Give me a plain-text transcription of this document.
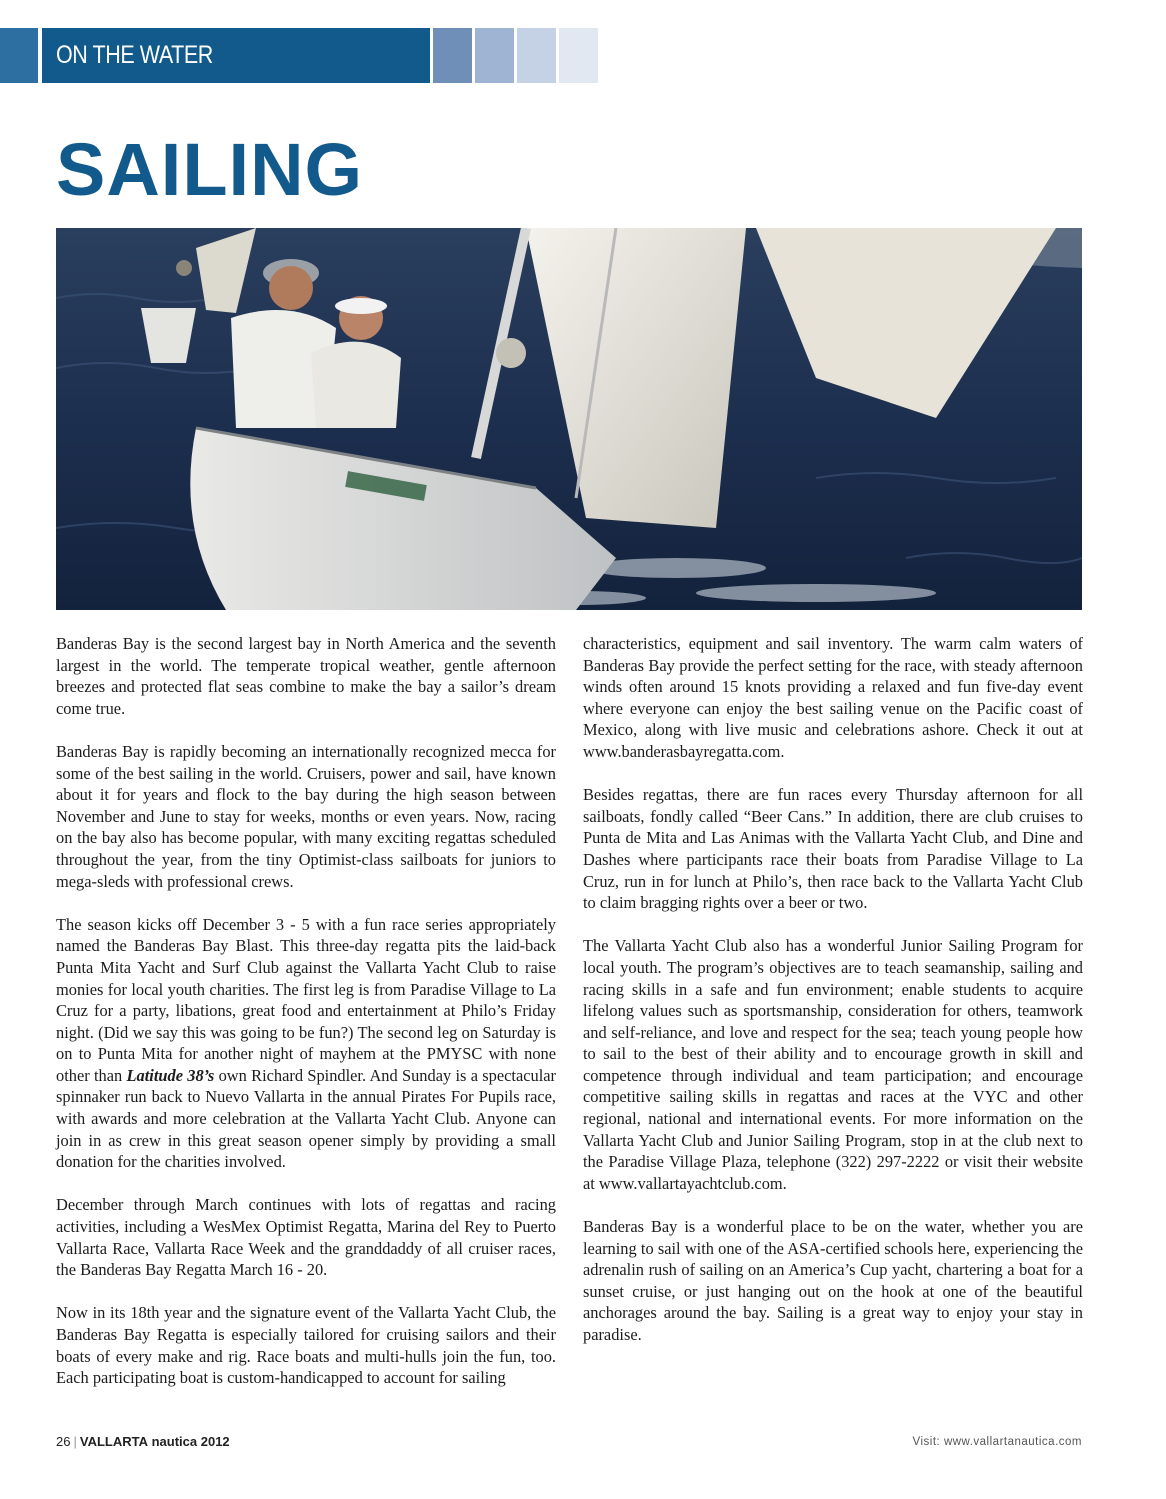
ON THE WATER
SAILING

Banderas Bay is the second largest bay in North America and the seventh largest in the world. The temperate tropical weather, gentle afternoon breezes and protected flat seas combine to make the bay a sailor’s dream come true.

Banderas Bay is rapidly becoming an internationally recognized mecca for some of the best sailing in the world. Cruisers, power and sail, have known about it for years and flock to the bay during the high season between November and June to stay for weeks, months or even years. Now, racing on the bay also has become popular, with many exciting regattas scheduled throughout the year, from the tiny Optimist-class sailboats for juniors to mega-sleds with professional crews.

The season kicks off December 3 - 5 with a fun race series appropriately named the Banderas Bay Blast. This three-day regatta pits the laid-back Punta Mita Yacht and Surf Club against the Vallarta Yacht Club to raise monies for local youth charities. The first leg is from Paradise Village to La Cruz for a party, libations, great food and entertainment at Philo’s Friday night. (Did we say this was going to be fun?) The second leg on Saturday is on to Punta Mita for another night of mayhem at the PMYSC with none other than Latitude 38’s own Richard Spindler. And Sunday is a spectacular spinnaker run back to Nuevo Vallarta in the annual Pirates For Pupils race, with awards and more celebration at the Vallarta Yacht Club. Anyone can join in as crew in this great season opener simply by providing a small donation for the charities involved.

December through March continues with lots of regattas and racing activities, including a WesMex Optimist Regatta, Marina del Rey to Puerto Vallarta Race, Vallarta Race Week and the granddaddy of all cruiser races, the Banderas Bay Regatta March 16 - 20.

Now in its 18th year and the signature event of the Vallarta Yacht Club, the Banderas Bay Regatta is especially tailored for cruising sailors and their boats of every make and rig. Race boats and multi-hulls join the fun, too. Each participating boat is custom-handicapped to account for sailing

characteristics, equipment and sail inventory. The warm calm waters of Banderas Bay provide the perfect setting for the race, with steady afternoon winds often around 15 knots providing a relaxed and fun five-day event where everyone can enjoy the best sailing venue on the Pacific coast of Mexico, along with live music and celebrations ashore. Check it out at www.banderasbayregatta.com.

Besides regattas, there are fun races every Thursday afternoon for all sailboats, fondly called “Beer Cans.” In addition, there are club cruises to Punta de Mita and Las Animas with the Vallarta Yacht Club, and Dine and Dashes where participants race their boats from Paradise Village to La Cruz, run in for lunch at Philo’s, then race back to the Vallarta Yacht Club to claim bragging rights over a beer or two.

The Vallarta Yacht Club also has a wonderful Junior Sailing Program for local youth. The program’s objectives are to teach seamanship, sailing and racing skills in a safe and fun environment; enable students to acquire lifelong values such as sportsmanship, consideration for others, teamwork and self-reliance, and love and respect for the sea; teach young people how to sail to the best of their ability and to encourage growth in skill and competence through individual and team participation; and encourage competitive sailing skills in regattas and races at the VYC and other regional, national and international events. For more information on the Vallarta Yacht Club and Junior Sailing Program, stop in at the club next to the Paradise Village Plaza, telephone (322) 297-2222 or visit their website at www.vallartayachtclub.com.

Banderas Bay is a wonderful place to be on the water, whether you are learning to sail with one of the ASA-certified schools here, experiencing the adrenalin rush of sailing on an America’s Cup yacht, chartering a boat for a sunset cruise, or just hanging out on the hook at one of the beautiful anchorages around the bay. Sailing is a great way to enjoy your stay in paradise.

26 | VALLARTA nautica 2012	Visit: www.vallartanautica.com
